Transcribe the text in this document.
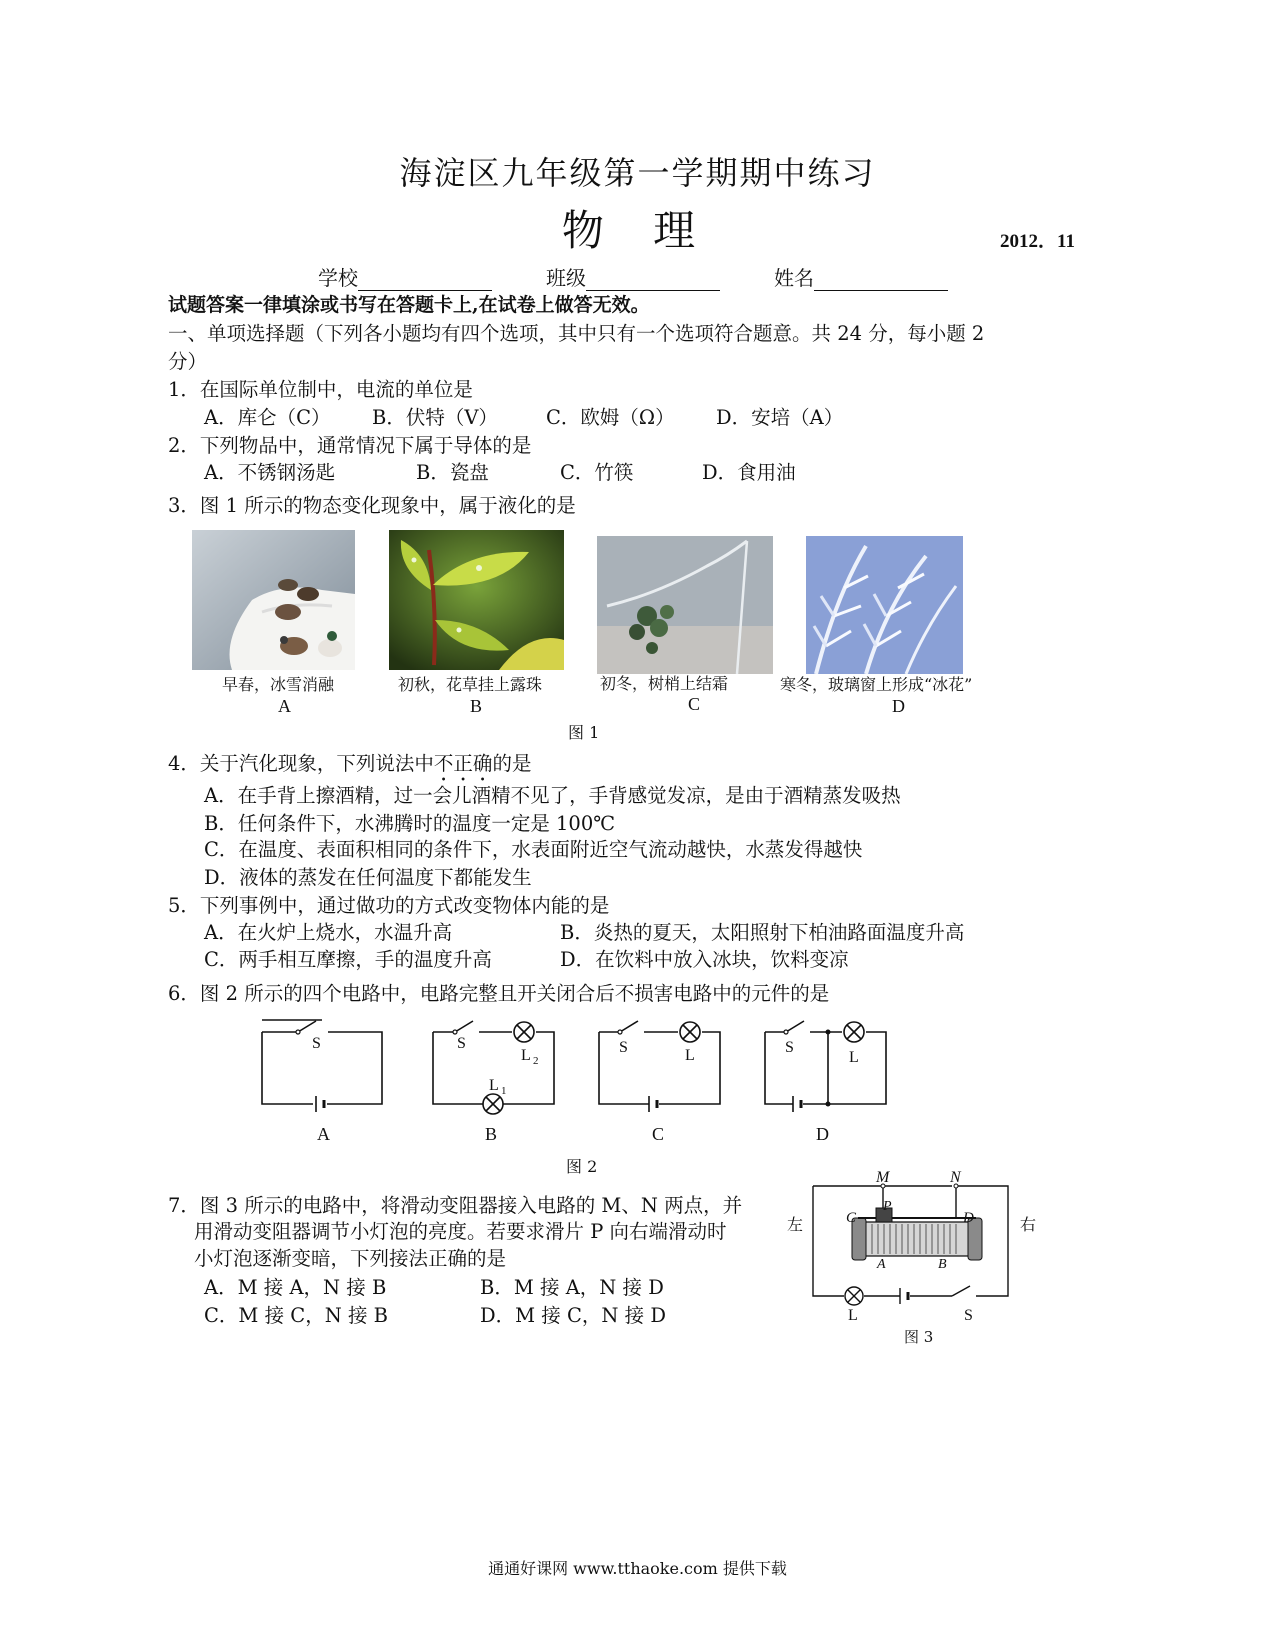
海淀区九年级第一学期期中练习
物 理	2012．11
学校	班级	姓名
试题答案一律填涂或书写在答题卡上,在试卷上做答无效。
一、单项选择题（下列各小题均有四个选项，其中只有一个选项符合题意。共 24 分，每小题 2
分）
1．在国际单位制中，电流的单位是
A．库仑（C） B．伏特（V） C．欧姆（Ω） D．安培（A）
2．下列物品中，通常情况下属于导体的是
A．不锈钢汤匙	B．瓷盘	C．竹筷	D．食用油
3．图 1 所示的物态变化现象中，属于液化的是
早春，冰雪消融	初秋，花草挂上露珠	初冬，树梢上结霜	寒冬，玻璃窗上形成“冰花”
A	B	C	D
图 1
4．关于汽化现象，下列说法中不正确的是
A．在手背上擦酒精，过一会儿酒精不见了，手背感觉发凉，是由于酒精蒸发吸热
B．任何条件下，水沸腾时的温度一定是 100℃
C．在温度、表面积相同的条件下，水表面附近空气流动越快，水蒸发得越快
D．液体的蒸发在任何温度下都能发生
5．下列事例中，通过做功的方式改变物体内能的是
A．在火炉上烧水，水温升高	B．炎热的夏天，太阳照射下柏油路面温度升高
C．两手相互摩擦，手的温度升高	D．在饮料中放入冰块，饮料变凉
6．图 2 所示的四个电路中，电路完整且开关闭合后不损害电路中的元件的是
S	S
L 2
L 1
S	L	S
L
A	B	C	D
图 2
7．图 3 所示的电路中，将滑动变阻器接入电路的 M、N 两点，并
用滑动变阻器调节小灯泡的亮度。若要求滑片 P 向右端滑动时
小灯泡逐渐变暗，下列接法正确的是
A．M 接 A，N 接 B	B．M 接 A，N 接 D
C．M 接 C，N 接 B	D．M 接 C，N 接 D
M	N
P
C	D
A	B
左	右
L	S
图 3
通通好课网 www.tthaoke.com 提供下载
